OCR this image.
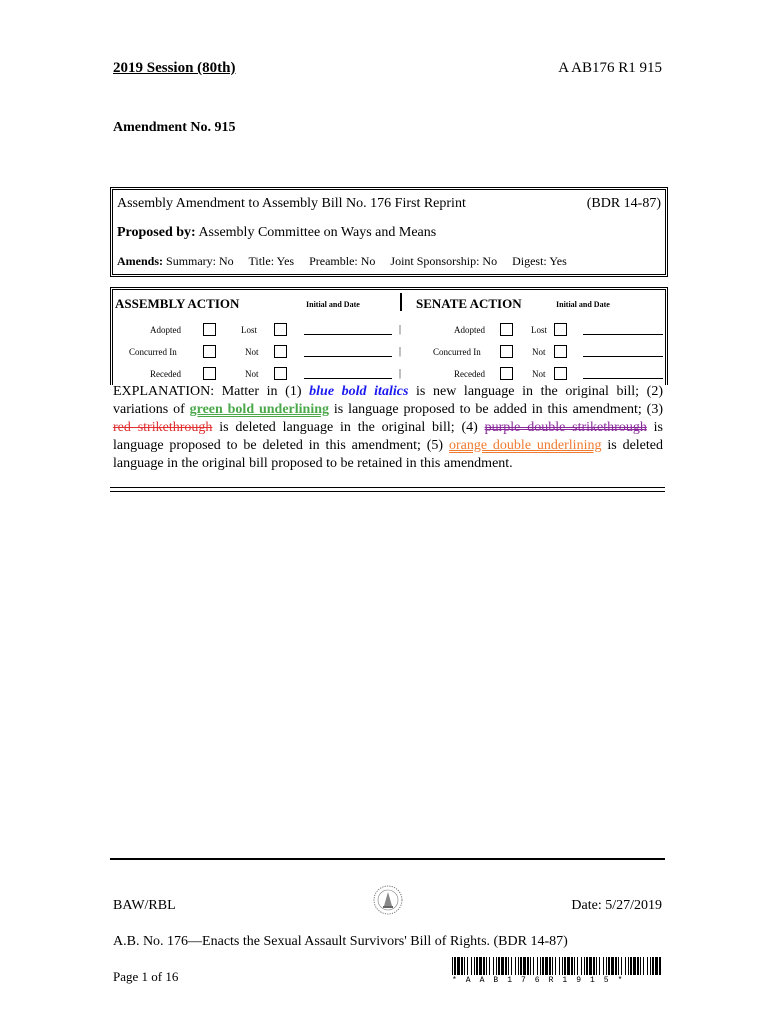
2019 Session (80th)	A AB176 R1 915
Amendment No. 915
Assembly Amendment to Assembly Bill No. 176 First Reprint	(BDR 14-87)
Proposed by: Assembly Committee on Ways and Means
Amends: Summary: No Title: Yes Preamble: No Joint Sponsorship: No Digest: Yes
ASSEMBLY ACTION	Initial and Date	SENATE ACTION	Initial and Date
Adopted	Lost	|	Adopted	Lost
Concurred In	Not	|	Concurred In	Not
Receded	Not	|	Receded	Not
EXPLANATION: Matter in (1) blue bold italics is new language in the original bill; (2) variations of green bold underlining is language proposed to be added in this amendment; (3) red strikethrough is deleted language in the original bill; (4) purple double strikethrough is language proposed to be deleted in this amendment; (5) orange double underlining is deleted language in the original bill proposed to be retained in this amendment.
BAW/RBL	Date: 5/27/2019
A.B. No. 176—Enacts the Sexual Assault Survivors' Bill of Rights. (BDR 14-87)
Page 1 of 16	*AAB176R1915*
